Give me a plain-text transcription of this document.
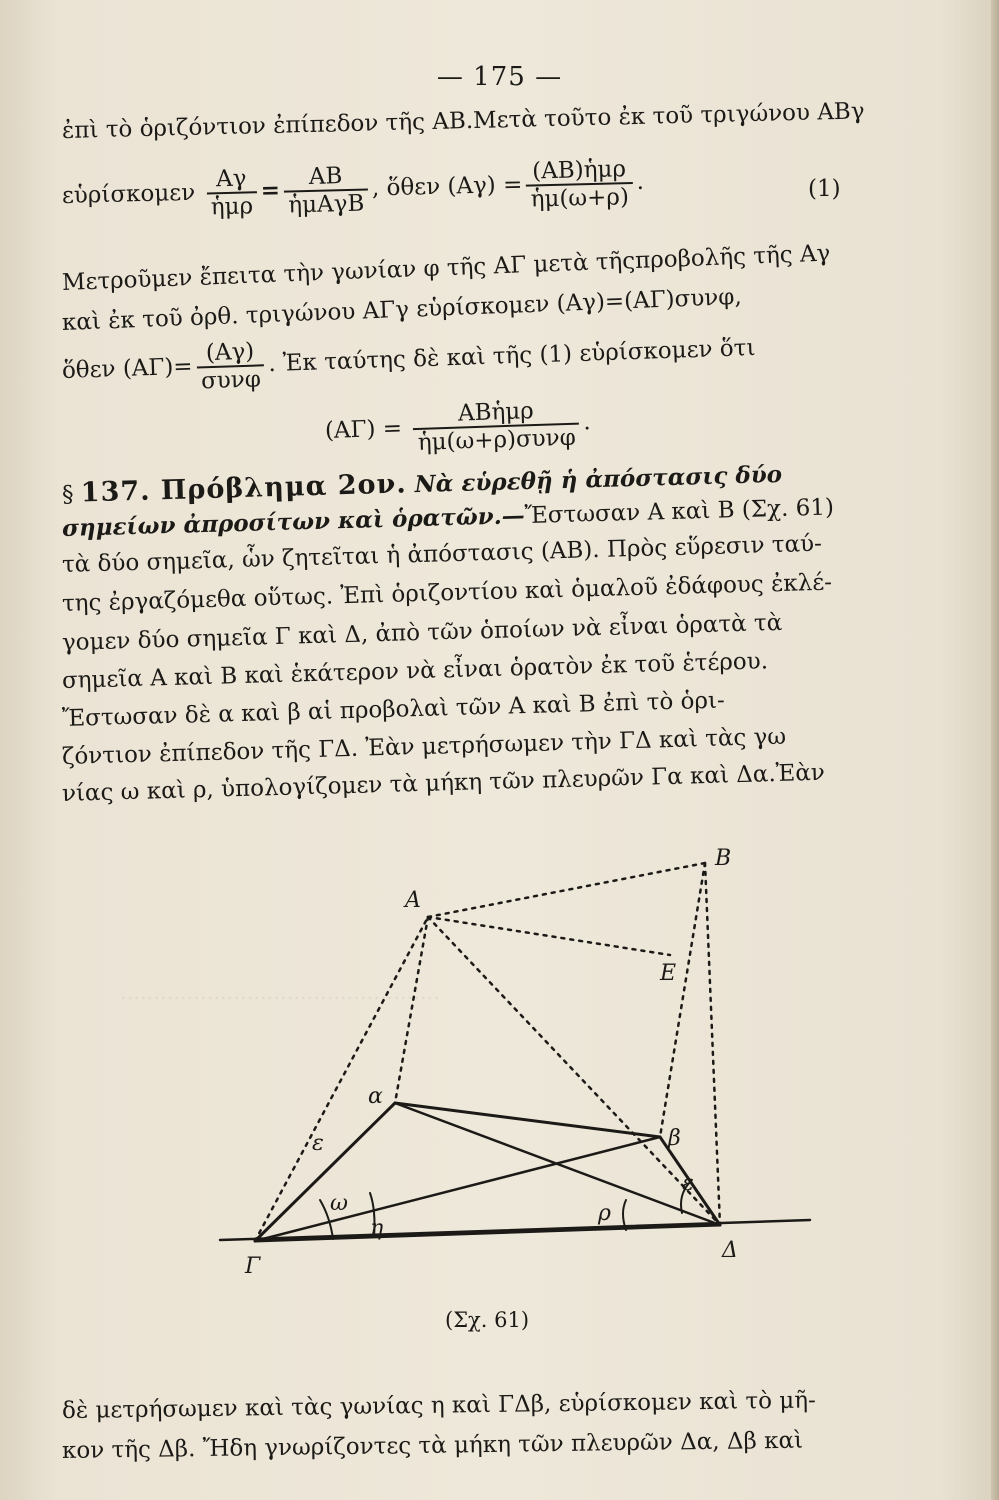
…………………………………………
— 175 —
ἐπὶ τὸ ὁριζόντιον ἐπίπεδον τῆς ΑΒ.Μετὰ τοῦτο ἐκ τοῦ τριγώνου ΑΒγ
εὑρίσκομεν $\frac{A\gamma}{\text{ἡμρ}} = \frac{AB}{\text{ἡμΑγΒ}}$ , ὅθεν $(A\gamma) = \frac{\text{(ΑΒ)ἡμρ}}{\text{ἡμ(ω+ρ)}}$ .	(1)
Μετροῦμεν ἔπειτα τὴν γωνίαν φ τῆς ΑΓ μετὰ τῆςπροβολῆς τῆς Αγ
καὶ ἐκ τοῦ ὀρθ. τριγώνου ΑΓγ εὑρίσκομεν (Αγ)=(ΑΓ)συνφ,
ὅθεν $(A\Gamma)= \frac{(A\gamma)}{\text{συνφ}}$ . Ἐκ ταύτης δὲ καὶ τῆς (1) εὑρίσκομεν ὅτι
$(A\Gamma) = \frac{\text{ΑΒἡμρ}}{\text{ἡμ(ω+ρ)συνφ}}$ .
§ 137. Πρόβλημα 2ον. Νὰ εὑρεθῇ ἡ ἀπόστασις δύο
σημείων ἀπροσίτων καὶ ὁρατῶν.—Ἔστωσαν Α καὶ Β (Σχ. 61)
τὰ δύο σημεῖα, ὧν ζητεῖται ἡ ἀπόστασις (ΑΒ). Πρὸς εὕρεσιν ταύ-
της ἐργαζόμεθα οὕτως. Ἐπὶ ὁριζοντίου καὶ ὁμαλοῦ ἐδάφους ἐκλέ-
γομεν δύο σημεῖα Γ καὶ Δ, ἀπὸ τῶν ὁποίων νὰ εἶναι ὁρατὰ τὰ
σημεῖα Α καὶ Β καὶ ἑκάτερον νὰ εἶναι ὁρατὸν ἐκ τοῦ ἑτέρου.
Ἔστωσαν δὲ α καὶ β αἱ προβολαὶ τῶν Α καὶ Β ἐπὶ τὸ ὁρι-
ζόντιον ἐπίπεδον τῆς ΓΔ. Ἐὰν μετρήσωμεν τὴν ΓΔ καὶ τὰς γω
νίας ω καὶ ρ, ὑπολογίζομεν τὰ μήκη τῶν πλευρῶν Γα καὶ Δα.Ἐὰν
Α
Β
Ε
α
β
Γ
Δ
ω
η
ρ
ε
ε
(Σχ. 61)
δὲ μετρήσωμεν καὶ τὰς γωνίας η καὶ ΓΔβ, εὑρίσκομεν καὶ τὸ μῆ-
κον τῆς Δβ. Ἤδη γνωρίζοντες τὰ μήκη τῶν πλευρῶν Δα, Δβ καὶ
